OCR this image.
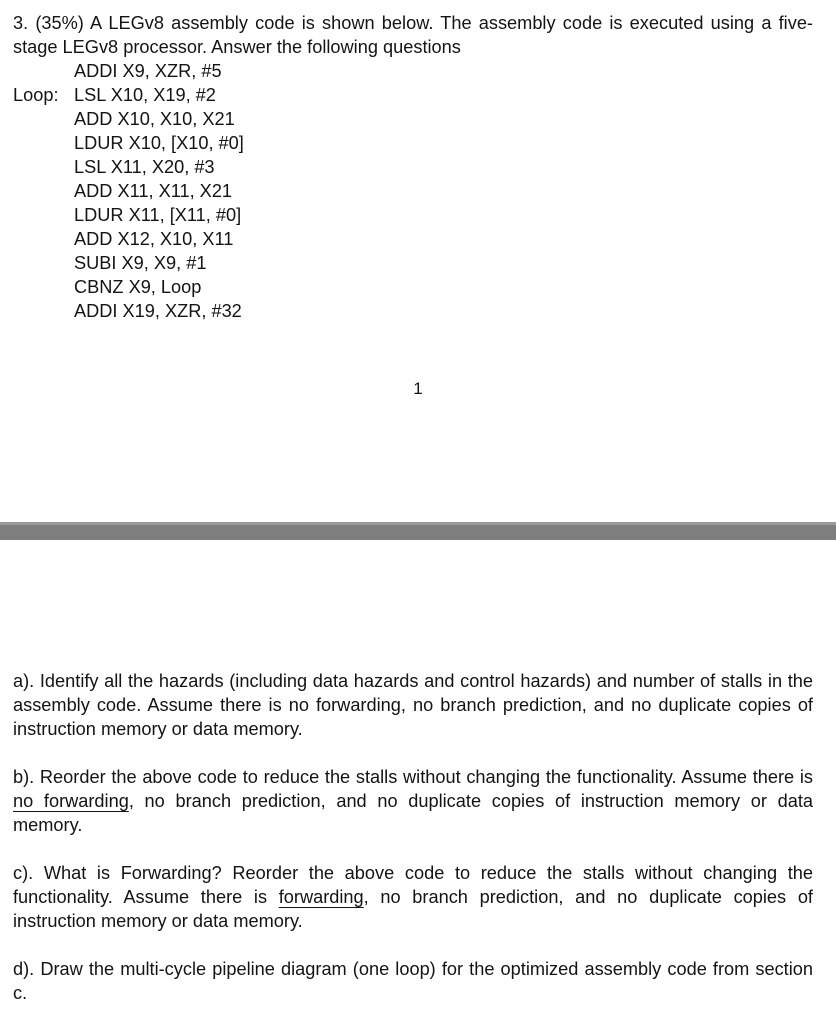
3. (35%) A LEGv8 assembly code is shown below. The assembly code is executed using a five-stage LEGv8 processor. Answer the following questions

ADDI X9, XZR, #5
Loop: LSL X10, X19, #2
ADD X10, X10, X21
LDUR X10, [X10, #0]
LSL X11, X20, #3
ADD X11, X11, X21
LDUR X11, [X11, #0]
ADD X12, X10, X11
SUBI X9, X9, #1
CBNZ X9, Loop
ADDI X19, XZR, #32
1

a). Identify all the hazards (including data hazards and control hazards) and number of stalls in the assembly code. Assume there is no forwarding, no branch prediction, and no duplicate copies of instruction memory or data memory.

b). Reorder the above code to reduce the stalls without changing the functionality. Assume there is no forwarding, no branch prediction, and no duplicate copies of instruction memory or data memory.

c). What is Forwarding? Reorder the above code to reduce the stalls without changing the functionality. Assume there is forwarding, no branch prediction, and no duplicate copies of instruction memory or data memory.

d). Draw the multi-cycle pipeline diagram (one loop) for the optimized assembly code from section c.
